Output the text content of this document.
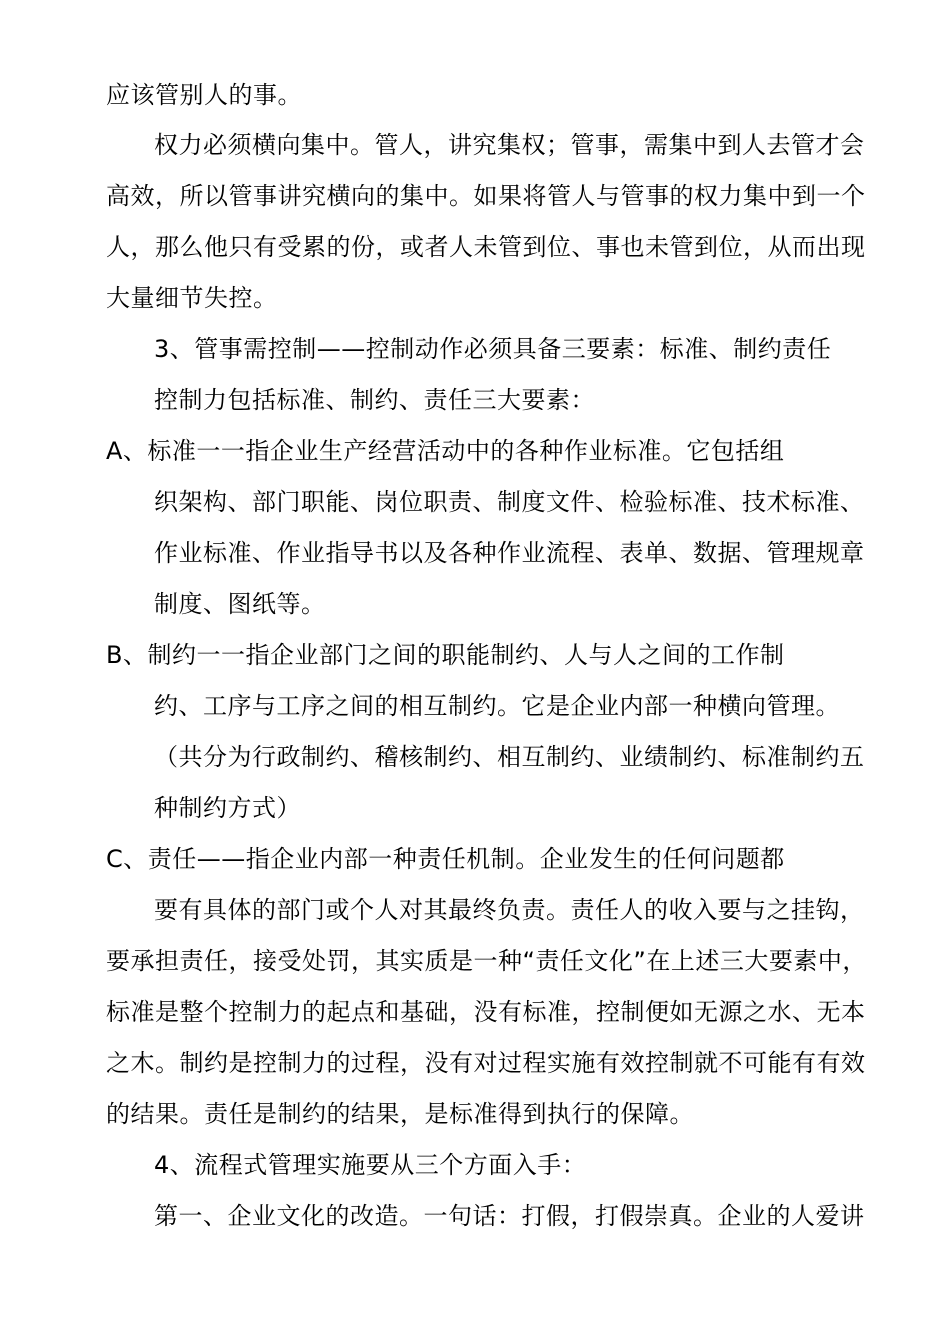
应该管别人的事。
权力必须横向集中。管人，讲究集权；管事，需集中到人去管才会
高效，所以管事讲究横向的集中。如果将管人与管事的权力集中到一个
人，那么他只有受累的份，或者人未管到位、事也未管到位，从而出现
大量细节失控。
3、管事需控制——控制动作必须具备三要素：标准、制约责任
控制力包括标准、制约、责任三大要素：
A、标准一一指企业生产经营活动中的各种作业标准。它包括组
织架构、部门职能、岗位职责、制度文件、检验标准、技术标准、
作业标准、作业指导书以及各种作业流程、表单、数据、管理规章
制度、图纸等。
B、制约一一指企业部门之间的职能制约、人与人之间的工作制
约、工序与工序之间的相互制约。它是企业内部一种横向管理。
（共分为行政制约、稽核制约、相互制约、业绩制约、标准制约五
种制约方式）
C、责任——指企业内部一种责任机制。企业发生的任何问题都
要有具体的部门或个人对其最终负责。责任人的收入要与之挂钩，
要承担责任，接受处罚，其实质是一种“责任文化”在上述三大要素中，
标准是整个控制力的起点和基础，没有标准，控制便如无源之水、无本
之木。制约是控制力的过程，没有对过程实施有效控制就不可能有有效
的结果。责任是制约的结果，是标准得到执行的保障。
4、流程式管理实施要从三个方面入手：
第一、企业文化的改造。一句话：打假，打假崇真。企业的人爱讲
